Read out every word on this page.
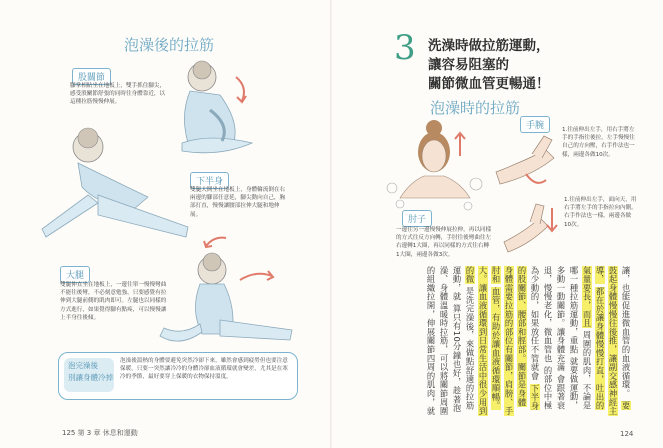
泡澡後的拉筋
股關節
腳掌相貼坐在地板上，雙手抓住腳尖，感受股關節舒張的同時往身體靠近，以這種拉筋慢慢伸展。
下半身
雙腿大開坐在地板上，身體輪流倒在右兩邊的腳部任意延，腳尖動向自己，胸部打直，慢慢讓腰部拉伸大腿和地伸展。
大腿
雙腿伸直坐在地板上，一邊往單一慢慢彎曲不能往後彎，不必刻意勉強，只要感覺有拉伸到大腿前側的肌肉即可。左腿也以同樣的方式進行，如果覺得腳有點疼，可以慢慢讓上半身往後傾。
泡完澡後
別讓身體冷掉
泡澡後溫熱的身體要避免突然冷卻下來，雖然會感到疲勞但也要注意保暖。只要一突然讓冷冷的身體冷卻血液循環就會變差，尤其是在寒冷的季節，最好要穿上保暖的衣物保持溫度。
125 第 3 章 休息和運動
3 洗澡時做拉筋運動，
讓容易阻塞的
關節微血管更暢通！
泡澡時的拉筋
手腕	1.往前伸出左手，用右手將左手的手指往後拉，左手慢慢往自己的方向壓，右手作法也一樣，兩邊各做10次。
肘子
1.往前伸出左手，面向天，用右手將左手的手指拉向內側。右手作法也一樣，兩邊各做10次。
一邊往另一邊慢慢伸展拉伸，再以同樣的方式往反方向轉，手肘往後彎曲往左右邊轉1大圈，再以同樣的方式往右轉1大圈，兩邊各做3次。
讓，也能促進微血管的血液循環。 要鼓起身體慢慢往後推，讓副交感神經主導， 都在於讓身體慢慢打直，吐出的氣量要長，而且 周圍的肌肉，不論是哪一種拉筋運動，重點 就要做運動，多動一動關節。讓身體充滿 會跟著衰退，慢慢老化，微血管也 的部位中極為少動的，如果放任不管就會 下半身的股關節、腰部和脛部。關節是身體 身體需要拉筋的部位有關節，肩膀、手肘和 血管，有助於讓血液循環順暢。 大。讓血液循環到日常生活中很少用到的微 是洗完澡後，來做點舒適的拉筋運動，就 算只有10分鐘也好，趁著泡澡、身體溫暖時拉筋，可以將關節周圍的組織拉開，伸展關節四周的肌肉，就
124
